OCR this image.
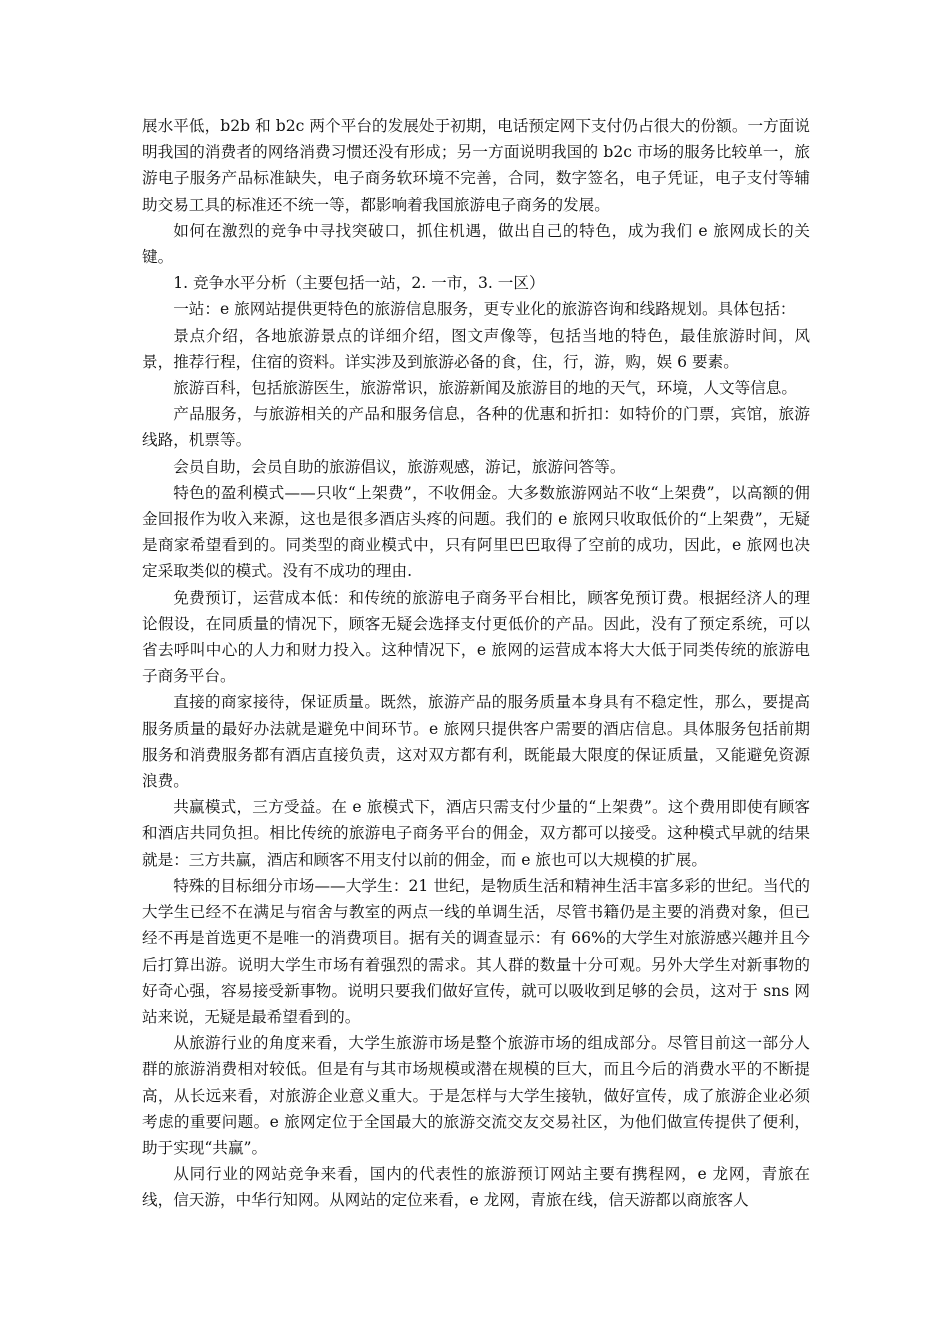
展水平低，b2b 和 b2c 两个平台的发展处于初期，电话预定网下支付仍占很大的份额。一方面说明我国的消费者的网络消费习惯还没有形成；另一方面说明我国的 b2c 市场的服务比较单一，旅游电子服务产品标准缺失，电子商务软环境不完善，合同，数字签名，电子凭证，电子支付等辅助交易工具的标准还不统一等，都影响着我国旅游电子商务的发展。

如何在激烈的竞争中寻找突破口，抓住机遇，做出自己的特色，成为我们 e 旅网成长的关键。

1. 竞争水平分析（主要包括一站，2. 一市，3. 一区）

一站：e 旅网站提供更特色的旅游信息服务，更专业化的旅游咨询和线路规划。具体包括：

景点介绍，各地旅游景点的详细介绍，图文声像等，包括当地的特色，最佳旅游时间，风景，推荐行程，住宿的资料。详实涉及到旅游必备的食，住，行，游，购，娱 6 要素。

旅游百科，包括旅游医生，旅游常识，旅游新闻及旅游目的地的天气，环境，人文等信息。

产品服务，与旅游相关的产品和服务信息，各种的优惠和折扣：如特价的门票，宾馆，旅游线路，机票等。

会员自助，会员自助的旅游倡议，旅游观感，游记，旅游问答等。

特色的盈利模式——只收“上架费”，不收佣金。大多数旅游网站不收“上架费”，以高额的佣金回报作为收入来源，这也是很多酒店头疼的问题。我们的 e 旅网只收取低价的“上架费”，无疑是商家希望看到的。同类型的商业模式中，只有阿里巴巴取得了空前的成功，因此，e 旅网也决定采取类似的模式。没有不成功的理由.

免费预订，运营成本低：和传统的旅游电子商务平台相比，顾客免预订费。根据经济人的理论假设，在同质量的情况下，顾客无疑会选择支付更低价的产品。因此，没有了预定系统，可以省去呼叫中心的人力和财力投入。这种情况下，e 旅网的运营成本将大大低于同类传统的旅游电子商务平台。

直接的商家接待，保证质量。既然，旅游产品的服务质量本身具有不稳定性，那么，要提高服务质量的最好办法就是避免中间环节。e 旅网只提供客户需要的酒店信息。具体服务包括前期服务和消费服务都有酒店直接负责，这对双方都有利，既能最大限度的保证质量，又能避免资源浪费。

共赢模式，三方受益。在 e 旅模式下，酒店只需支付少量的“上架费”。这个费用即使有顾客和酒店共同负担。相比传统的旅游电子商务平台的佣金，双方都可以接受。这种模式早就的结果就是：三方共赢，酒店和顾客不用支付以前的佣金，而 e 旅也可以大规模的扩展。

特殊的目标细分市场——大学生：21 世纪，是物质生活和精神生活丰富多彩的世纪。当代的大学生已经不在满足与宿舍与教室的两点一线的单调生活，尽管书籍仍是主要的消费对象，但已经不再是首选更不是唯一的消费项目。据有关的调查显示：有 66%的大学生对旅游感兴趣并且今后打算出游。说明大学生市场有着强烈的需求。其人群的数量十分可观。另外大学生对新事物的好奇心强，容易接受新事物。说明只要我们做好宣传，就可以吸收到足够的会员，这对于 sns 网站来说，无疑是最希望看到的。

从旅游行业的角度来看，大学生旅游市场是整个旅游市场的组成部分。尽管目前这一部分人群的旅游消费相对较低。但是有与其市场规模或潜在规模的巨大，而且今后的消费水平的不断提高，从长远来看，对旅游企业意义重大。于是怎样与大学生接轨，做好宣传，成了旅游企业必须考虑的重要问题。e 旅网定位于全国最大的旅游交流交友交易社区，为他们做宣传提供了便利，助于实现“共赢”。

从同行业的网站竞争来看，国内的代表性的旅游预订网站主要有携程网，e 龙网，青旅在线，信天游，中华行知网。从网站的定位来看，e 龙网，青旅在线，信天游都以商旅客人
